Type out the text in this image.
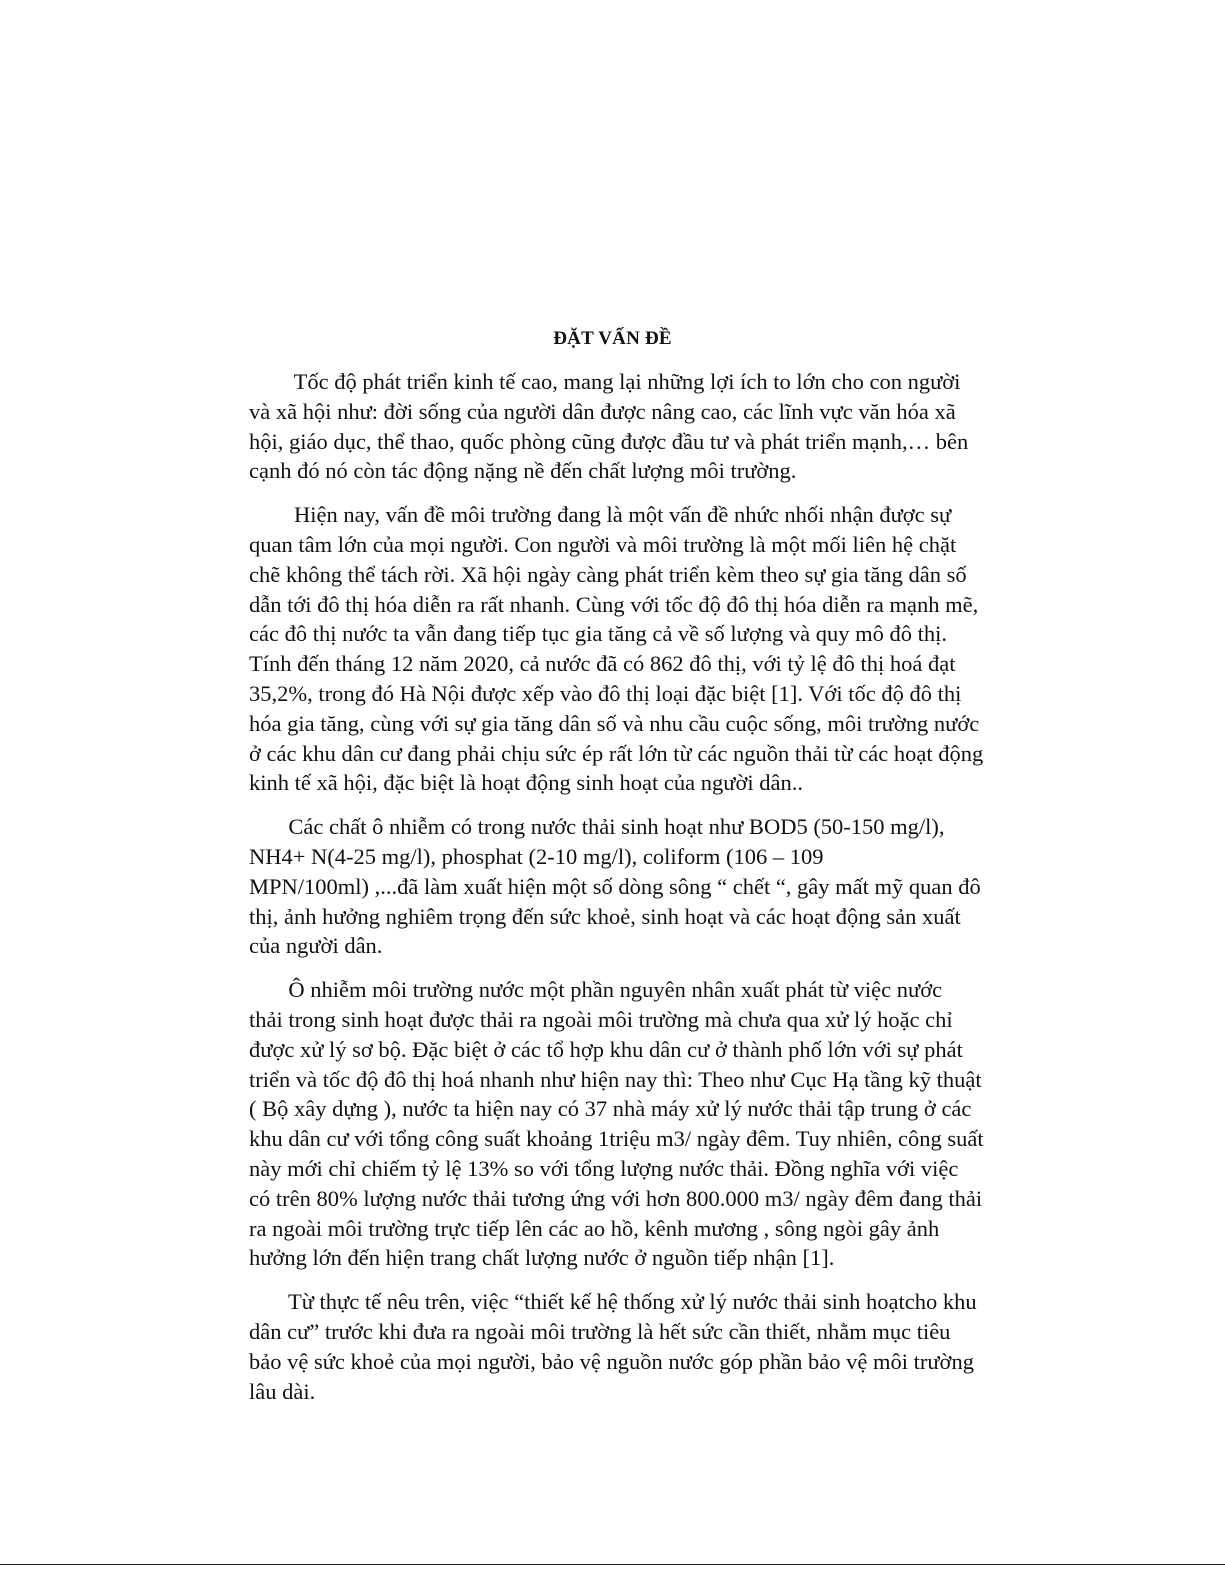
ĐẶT VẤN ĐỀ

Tốc độ phát triển kinh tế cao, mang lại những lợi ích to lớn cho con người
và xã hội như: đời sống của người dân được nâng cao, các lĩnh vực văn hóa xã
hội, giáo dục, thể thao, quốc phòng cũng được đầu tư và phát triển mạnh,… bên
cạnh đó nó còn tác động nặng nề đến chất lượng môi trường.

Hiện nay, vấn đề môi trường đang là một vấn đề nhức nhối nhận được sự
quan tâm lớn của mọi người. Con người và môi trường là một mối liên hệ chặt
chẽ không thể tách rời. Xã hội ngày càng phát triển kèm theo sự gia tăng dân số
dẫn tới đô thị hóa diễn ra rất nhanh. Cùng với tốc độ đô thị hóa diễn ra mạnh mẽ,
các đô thị nước ta vẫn đang tiếp tục gia tăng cả về số lượng và quy mô đô thị.
Tính đến tháng 12 năm 2020, cả nước đã có 862 đô thị, với tỷ lệ đô thị hoá đạt
35,2%, trong đó Hà Nội được xếp vào đô thị loại đặc biệt [1]. Với tốc độ đô thị
hóa gia tăng, cùng với sự gia tăng dân số và nhu cầu cuộc sống, môi trường nước
ở các khu dân cư đang phải chịu sức ép rất lớn từ các nguồn thải từ các hoạt động
kinh tế xã hội, đặc biệt là hoạt động sinh hoạt của người dân..

Các chất ô nhiễm có trong nước thải sinh hoạt như BOD5 (50-150 mg/l),
NH4+ N(4-25 mg/l), phosphat (2-10 mg/l), coliform (106 – 109
MPN/100ml) ,...đã làm xuất hiện một số dòng sông “ chết “, gây mất mỹ quan đô
thị, ảnh hưởng nghiêm trọng đến sức khoẻ, sinh hoạt và các hoạt động sản xuất
của người dân.

Ô nhiễm môi trường nước một phần nguyên nhân xuất phát từ việc nước
thải trong sinh hoạt được thải ra ngoài môi trường mà chưa qua xử lý hoặc chỉ
được xử lý sơ bộ. Đặc biệt ở các tổ hợp khu dân cư ở thành phố lớn với sự phát
triển và tốc độ đô thị hoá nhanh như hiện nay thì: Theo như Cục Hạ tầng kỹ thuật
( Bộ xây dựng ), nước ta hiện nay có 37 nhà máy xử lý nước thải tập trung ở các
khu dân cư với tổng công suất khoảng 1triệu m3/ ngày đêm. Tuy nhiên, công suất
này mới chỉ chiếm tỷ lệ 13% so với tổng lượng nước thải. Đồng nghĩa với việc
có trên 80% lượng nước thải tương ứng với hơn 800.000 m3/ ngày đêm đang thải
ra ngoài môi trường trực tiếp lên các ao hồ, kênh mương , sông ngòi gây ảnh
hưởng lớn đến hiện trang chất lượng nước ở nguồn tiếp nhận [1].

Từ thực tế nêu trên, việc “thiết kế hệ thống xử lý nước thải sinh hoạtcho khu
dân cư” trước khi đưa ra ngoài môi trường là hết sức cần thiết, nhằm mục tiêu
bảo vệ sức khoẻ của mọi người, bảo vệ nguồn nước góp phần bảo vệ môi trường
lâu dài.
